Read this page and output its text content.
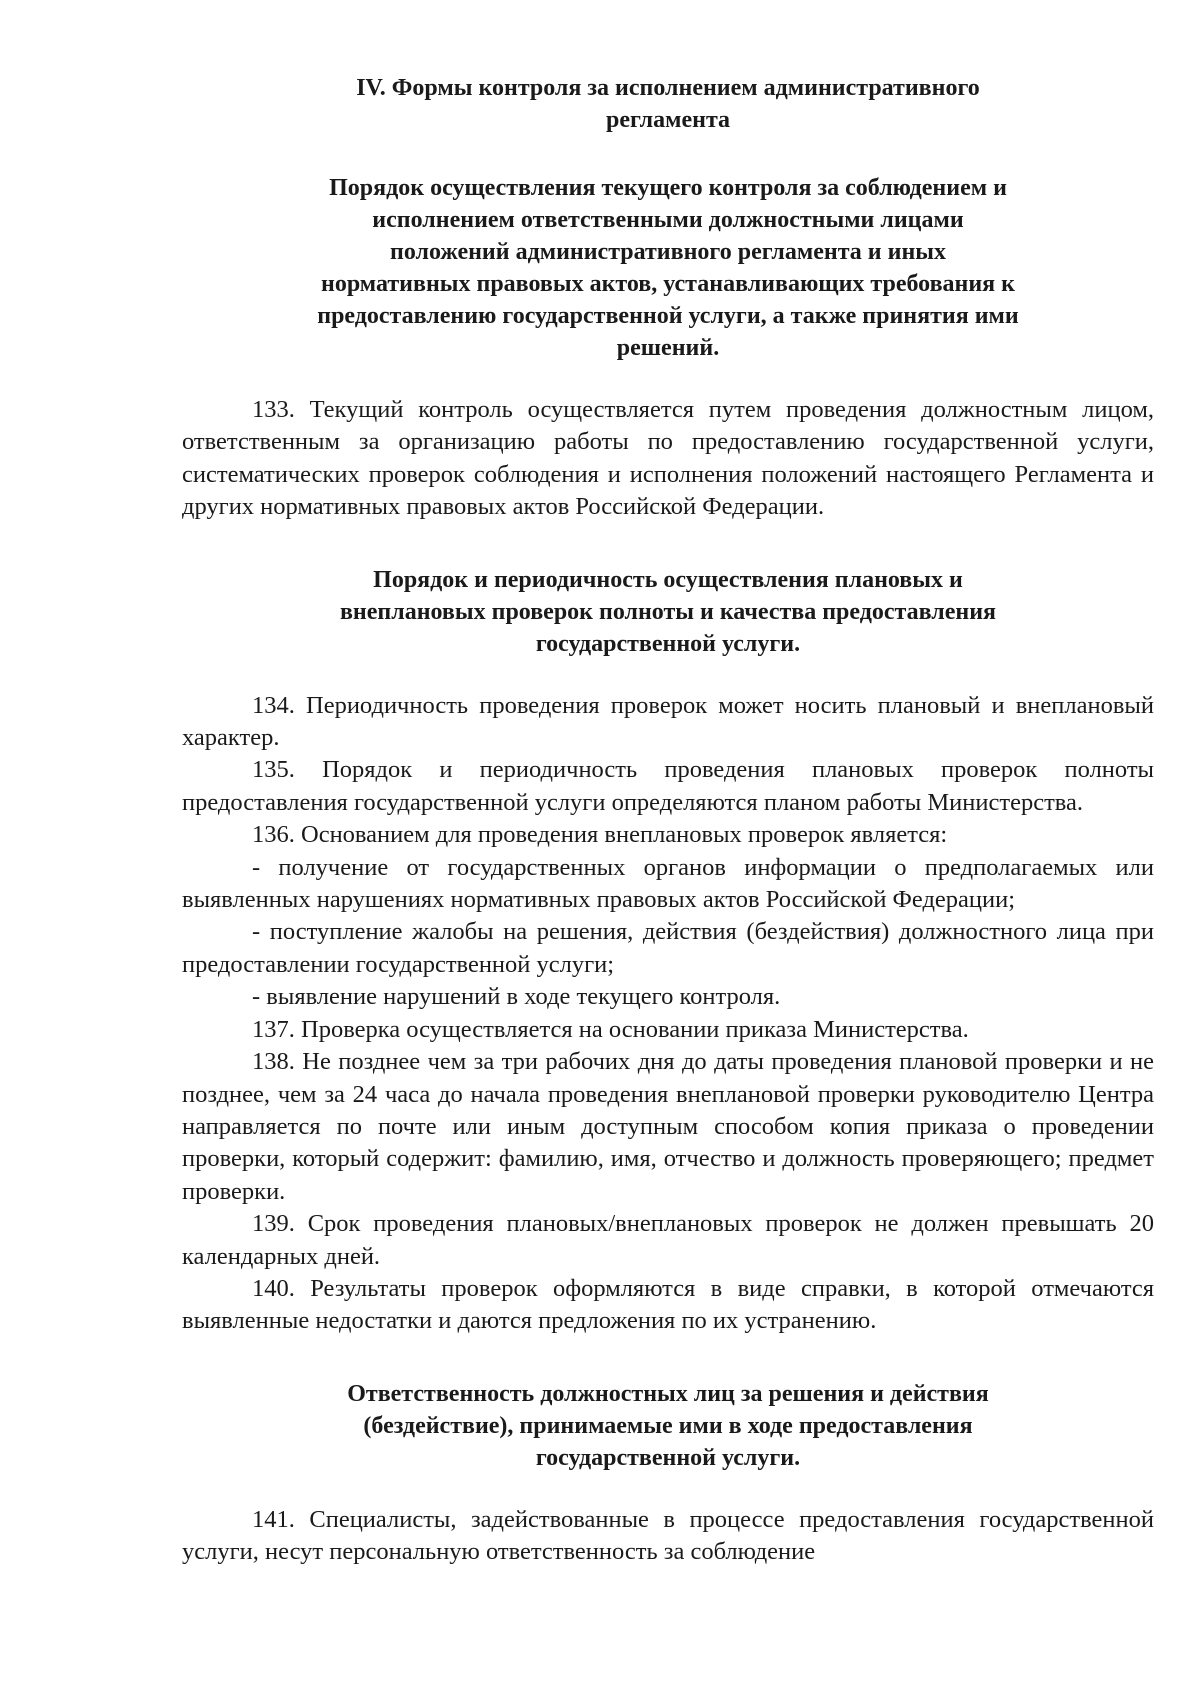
IV. Формы контроля за исполнением административного
регламента
Порядок осуществления текущего контроля за соблюдением и
исполнением ответственными должностными лицами
положений административного регламента и иных
нормативных правовых актов, устанавливающих требования к
предоставлению государственной услуги, а также принятия ими
решений.

133. Текущий контроль осуществляется путем проведения должностным лицом, ответственным за организацию работы по предоставлению государственной услуги, систематических проверок соблюдения и исполнения положений настоящего Регламента и других нормативных правовых актов Российской Федерации.

Порядок и периодичность осуществления плановых и
внеплановых проверок полноты и качества предоставления
государственной услуги.

134. Периодичность проведения проверок может носить плановый и внеплановый характер.

135. Порядок и периодичность проведения плановых проверок полноты предоставления государственной услуги определяются планом работы Министерства.

136. Основанием для проведения внеплановых проверок является:

- получение от государственных органов информации о предполагаемых или выявленных нарушениях нормативных правовых актов Российской Федерации;

- поступление жалобы на решения, действия (бездействия) должностного лица при предоставлении государственной услуги;

- выявление нарушений в ходе текущего контроля.

137. Проверка осуществляется на основании приказа Министерства.

138. Не позднее чем за три рабочих дня до даты проведения плановой проверки и не позднее, чем за 24 часа до начала проведения внеплановой проверки руководителю Центра направляется по почте или иным доступным способом копия приказа о проведении проверки, который содержит: фамилию, имя, отчество и должность проверяющего; предмет проверки.

139. Срок проведения плановых/внеплановых проверок не должен превышать 20 календарных дней.

140. Результаты проверок оформляются в виде справки, в которой отмечаются выявленные недостатки и даются предложения по их устранению.

Ответственность должностных лиц за решения и действия
(бездействие), принимаемые ими в ходе предоставления
государственной услуги.

141. Специалисты, задействованные в процессе предоставления государственной услуги, несут персональную ответственность за соблюдение
